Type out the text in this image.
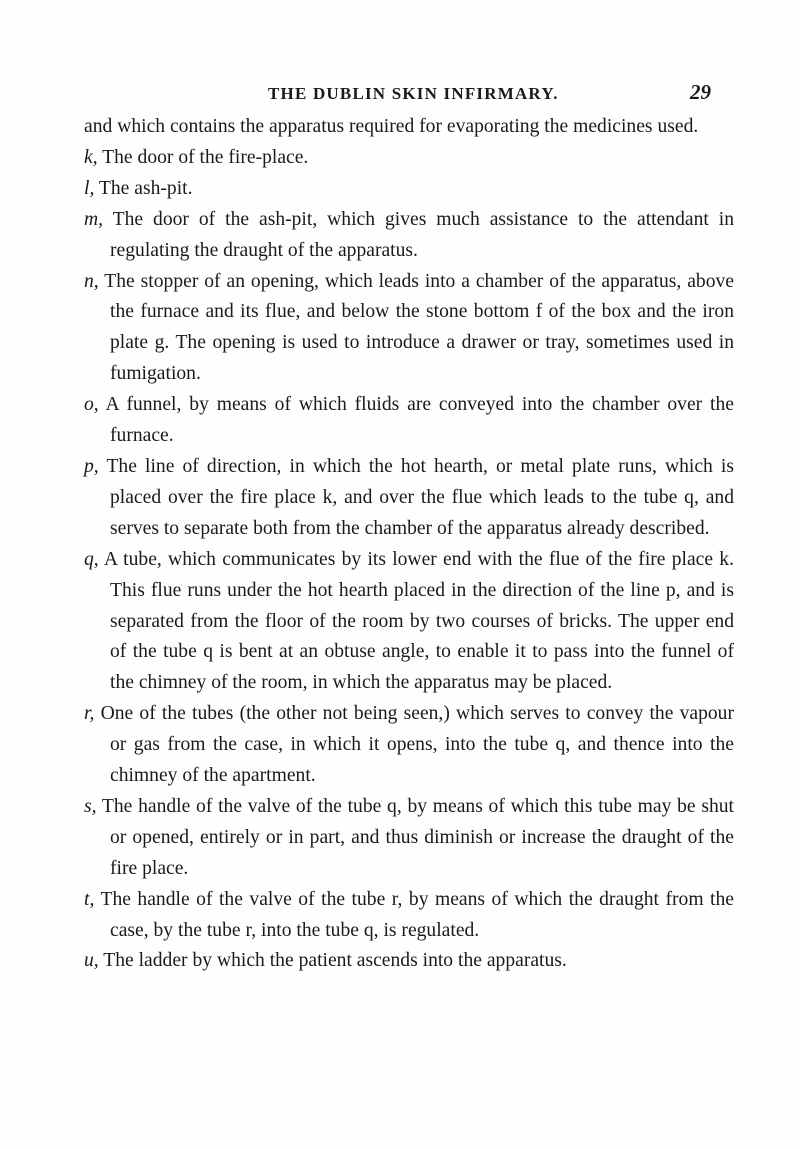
THE DUBLIN SKIN INFIRMARY.	29

and which contains the apparatus required for evaporating the medicines used.

k, The door of the fire-place.

l, The ash-pit.

m, The door of the ash-pit, which gives much assistance to the attendant in regulating the draught of the apparatus.

n, The stopper of an opening, which leads into a chamber of the apparatus, above the furnace and its flue, and below the stone bottom f of the box and the iron plate g. The opening is used to introduce a drawer or tray, sometimes used in fumigation.

o, A funnel, by means of which fluids are conveyed into the chamber over the furnace.

p, The line of direction, in which the hot hearth, or metal plate runs, which is placed over the fire place k, and over the flue which leads to the tube q, and serves to separate both from the chamber of the apparatus already described.

q, A tube, which communicates by its lower end with the flue of the fire place k. This flue runs under the hot hearth placed in the direction of the line p, and is separated from the floor of the room by two courses of bricks. The upper end of the tube q is bent at an obtuse angle, to enable it to pass into the funnel of the chimney of the room, in which the apparatus may be placed.

r, One of the tubes (the other not being seen,) which serves to convey the vapour or gas from the case, in which it opens, into the tube q, and thence into the chimney of the apartment.

s, The handle of the valve of the tube q, by means of which this tube may be shut or opened, entirely or in part, and thus diminish or increase the draught of the fire place.

t, The handle of the valve of the tube r, by means of which the draught from the case, by the tube r, into the tube q, is regulated.

u, The ladder by which the patient ascends into the apparatus.
